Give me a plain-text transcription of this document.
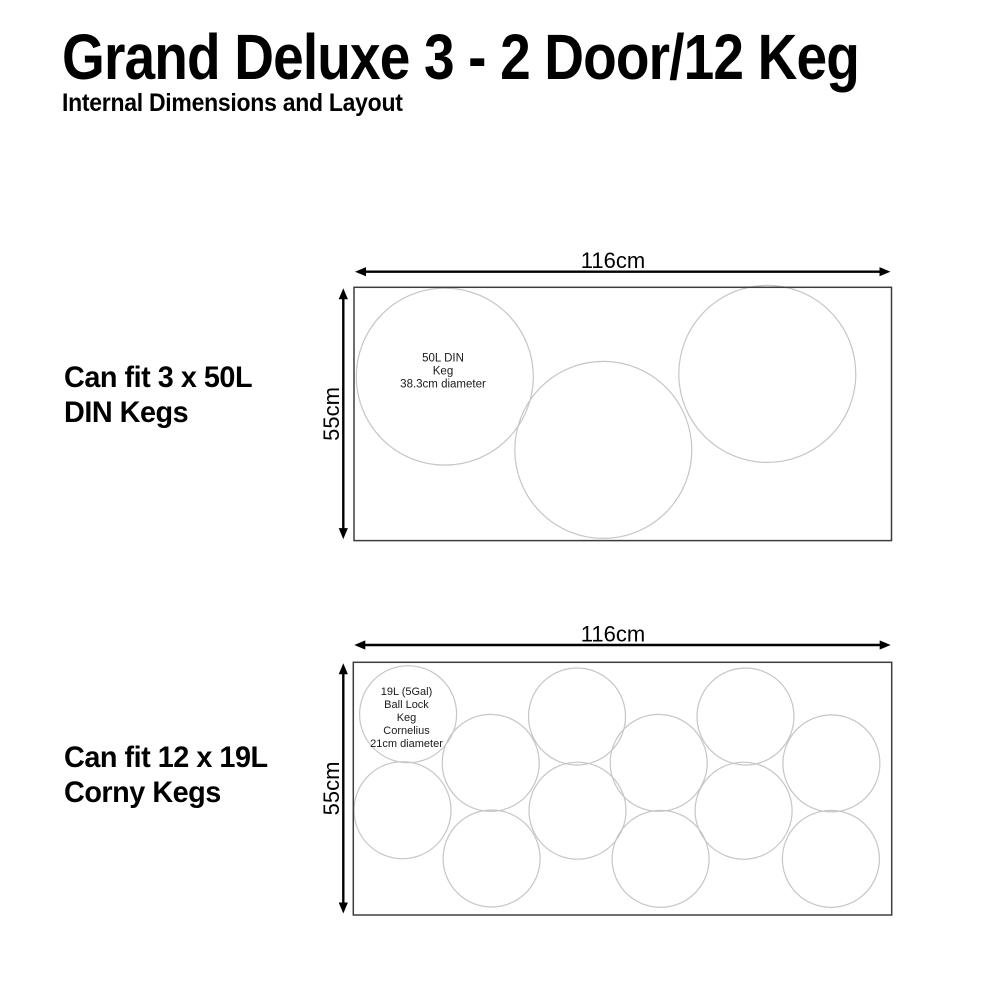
Grand Deluxe 3 - 2 Door/12 Keg
Internal Dimensions and Layout
Can fit 3 x 50L
DIN Kegs
Can fit 12 x 19L
Corny Kegs
116cm
55cm
50L DIN
Keg
38.3cm diameter
116cm
55cm
19L (5Gal)
Ball Lock
Keg
Cornelius
21cm diameter
